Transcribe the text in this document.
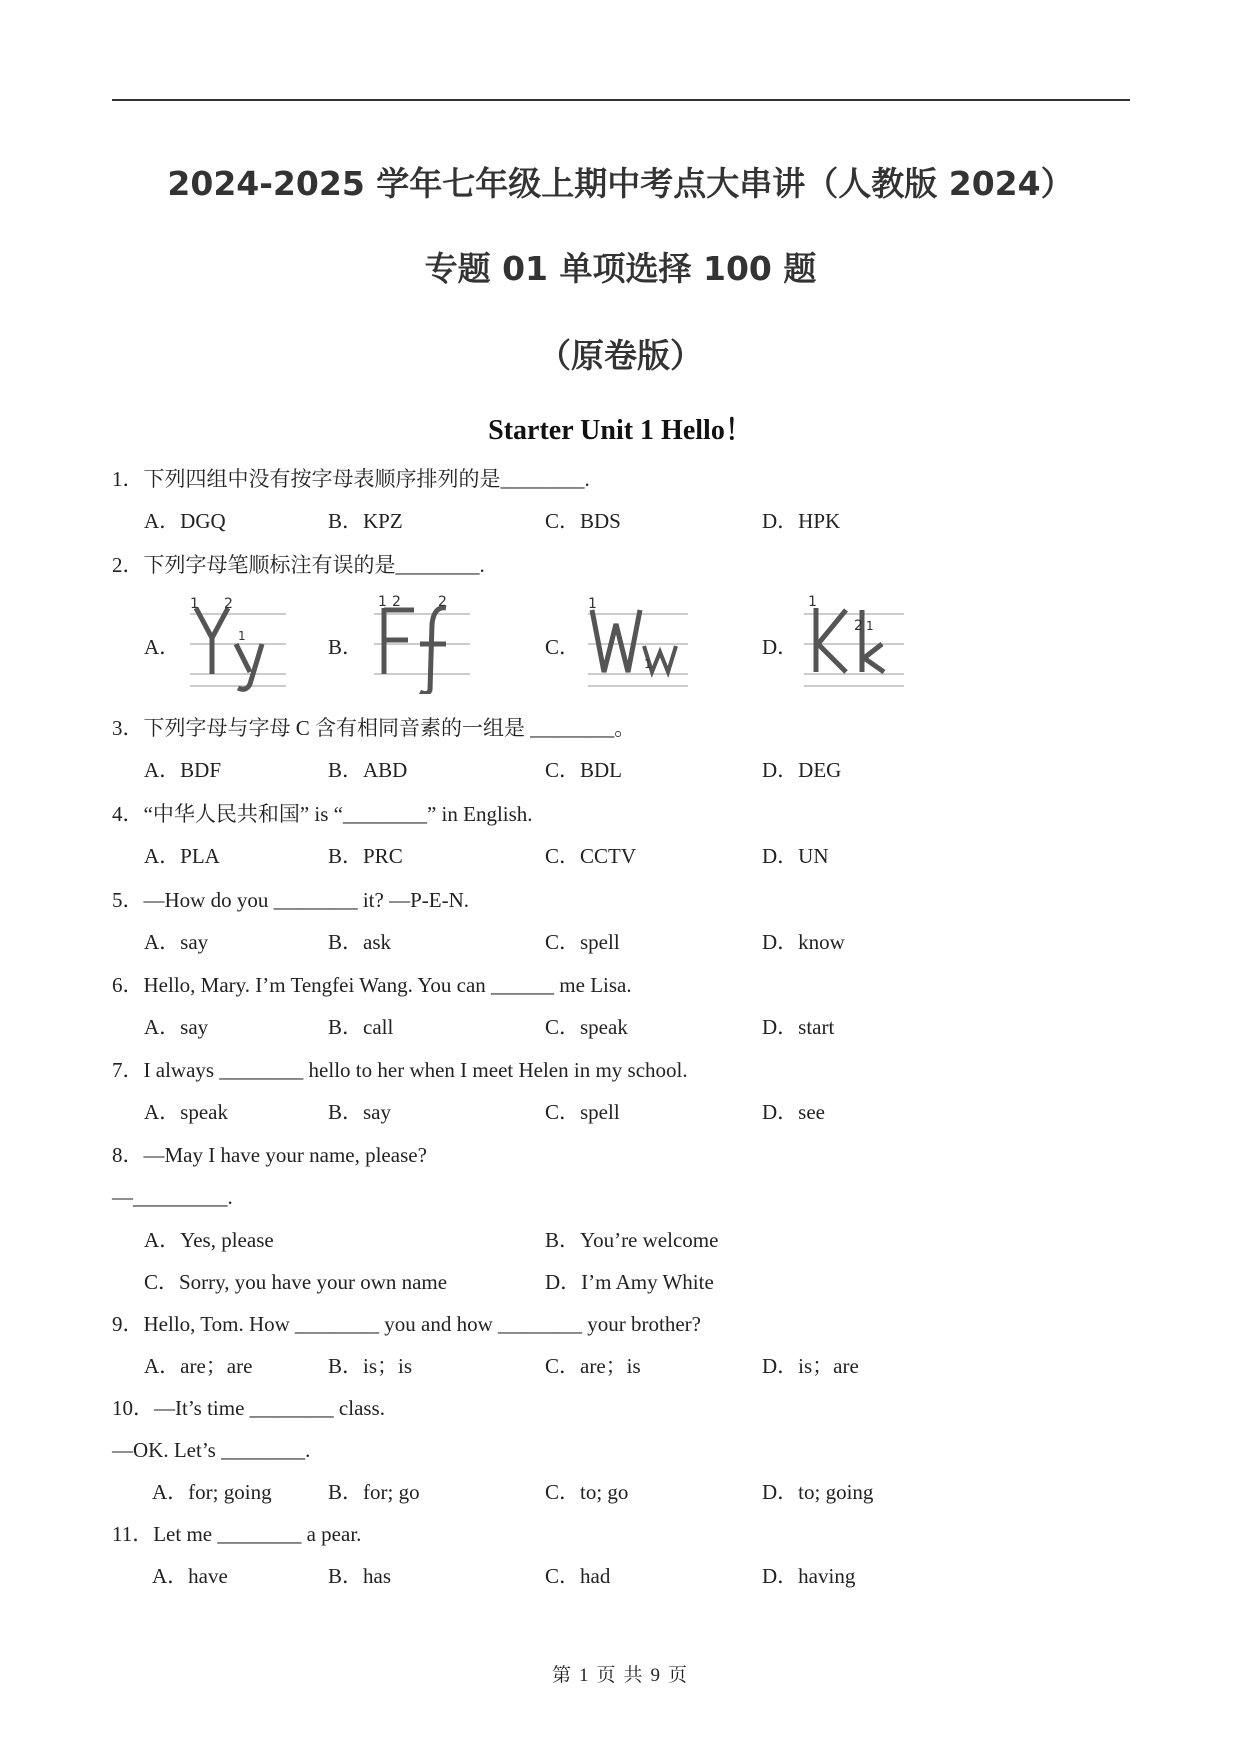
2024-2025 学年七年级上期中考点大串讲（人教版 2024）
专题 01 单项选择 100 题
（原卷版）
Starter Unit 1 Hello！
1．下列四组中没有按字母表顺序排列的是________.
A．DGQ	B．KPZ	C．BDS	D．HPK
2．下列字母笔顺标注有误的是________.
A．	B．	C．	D．
1 2
1
1 2	2	1
1
1
2 1
3．下列字母与字母 C 含有相同音素的一组是 ________。
A．BDF	B．ABD	C．BDL	D．DEG
4．“中华人民共和国” is “________” in English.
A．PLA	B．PRC	C．CCTV	D．UN
5．—How do you ________ it? —P-E-N.
A．say	B．ask	C．spell	D．know
6．Hello, Mary. I’m Tengfei Wang. You can ______ me Lisa.
A．say	B．call	C．speak	D．start
7．I always ________ hello to her when I meet Helen in my school.
A．speak	B．say	C．spell	D．see
8．—May I have your name, please?
—_________.
A．Yes, please	B．You’re welcome
C．Sorry, you have your own name	D．I’m Amy White
9．Hello, Tom. How ________ you and how ________ your brother?
A．are；are	B．is；is	C．are；is	D．is；are
10．—It’s time ________ class.
—OK. Let’s ________.
A．for; going	B．for; go	C．to; go	D．to; going
11．Let me ________ a pear.
A．have	B．has	C．had	D．having
第 1 页 共 9 页
